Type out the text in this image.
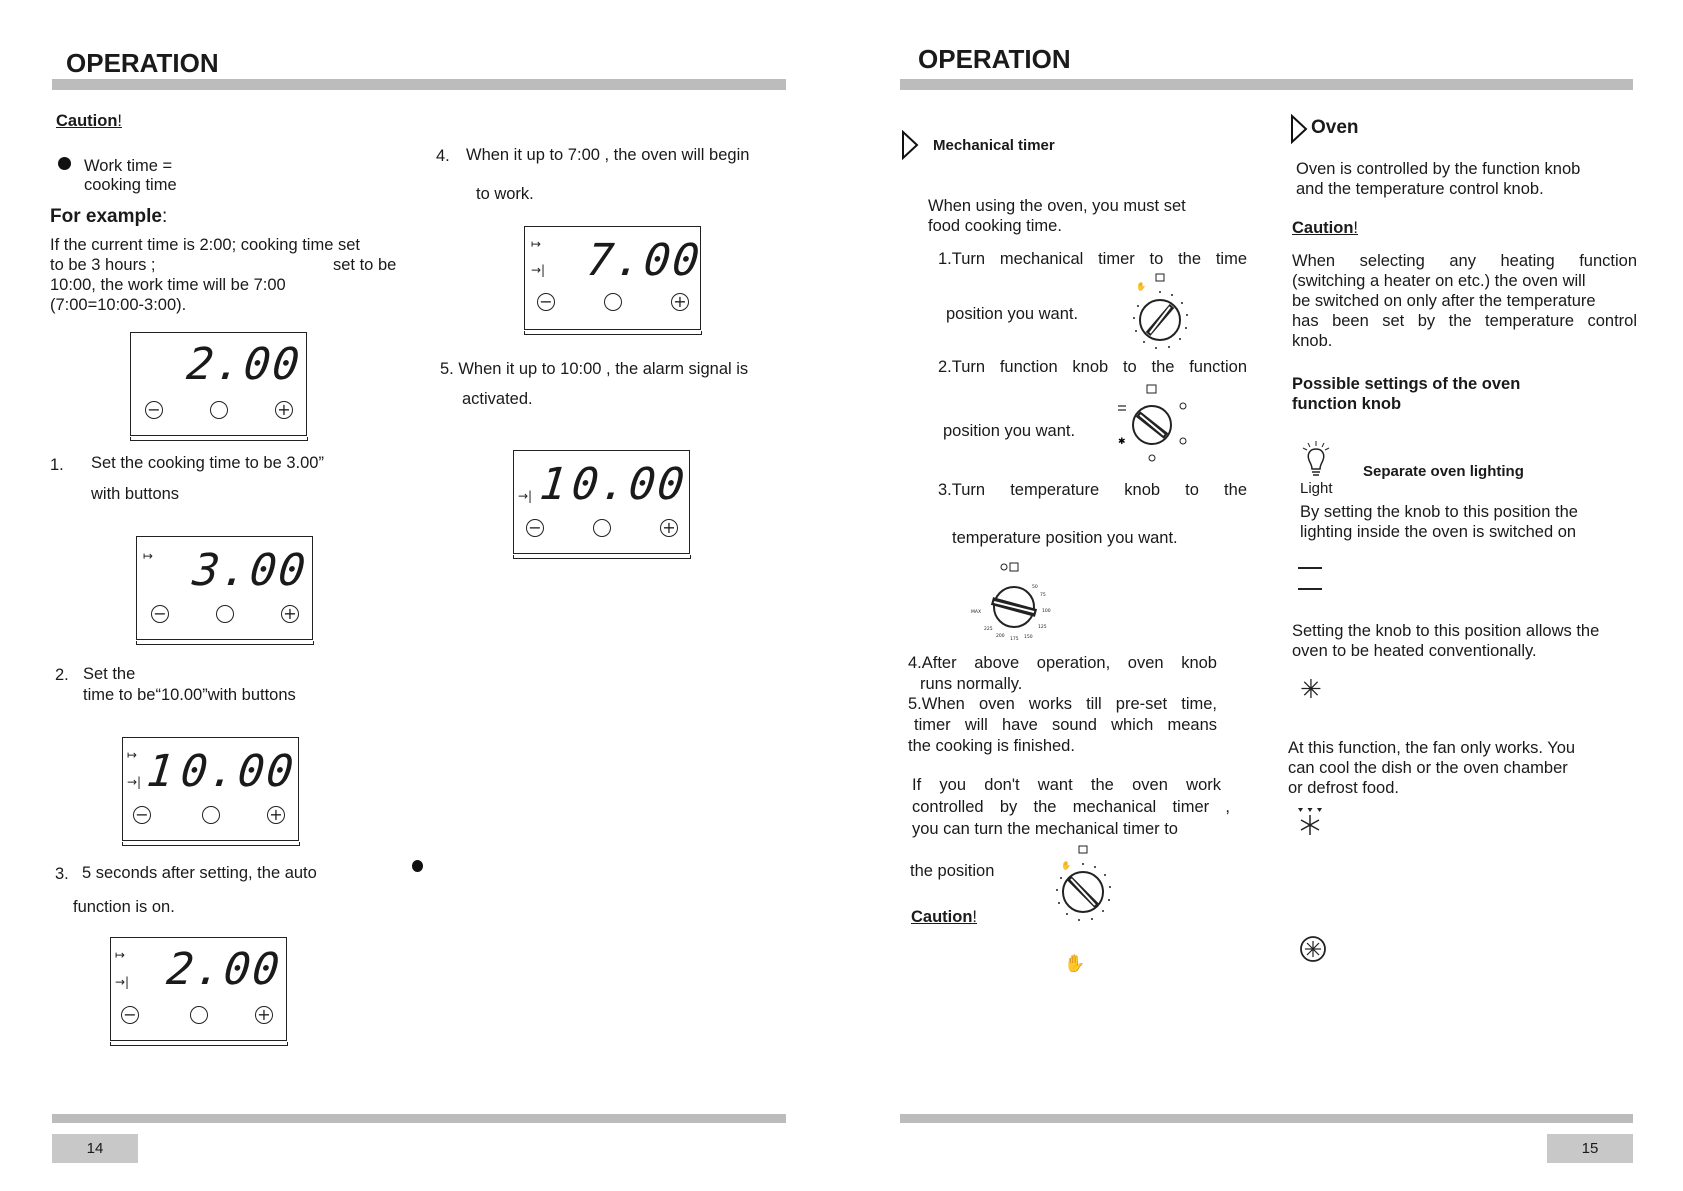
OPERATION
Caution!
Work time =
cooking time
For example:
If the current time is 2:00; cooking time set
to be 3 hours ;	set to be
10:00, the work time will be 7:00
(7:00=10:00-3:00).
2.00
−	+
1. Set the cooking time to be 3.00”
with buttons
↦ 3.00
−	+
2. Set the
time to be“10.00”with buttons
↦
→| 1 0.00
−	+
3. 5 seconds after setting, the auto
function is on.
↦
→| 2.00
−	+
4. When it up to 7:00 , the oven will begin
to work.
↦
→| 7.00
−	+
5. When it up to 10:00 , the alarm signal is
activated.
→| 1
0.00
−	+
14
OPERATION
Mechanical timer
When using the oven, you must set
food cooking time.
1.Turn mechanical timer to the time
position you want.
✋
2.Turn function knob to the function
position you want.
✱
3.Turn temperature knob to the
temperature position you want.
50
75
100
125
150
175
200
225
MAX
4.After above operation, oven knob
runs normally.
5.When oven works till pre-set time,
timer will have sound which means
the cooking is finished.
If you don't want the oven work
controlled by the mechanical timer ,
you can turn the mechanical timer to
the position	✋
Caution!
✋
Oven
Oven is controlled by the function knob
and the temperature control knob.
Caution!
When selecting any heating function
(switching a heater on etc.) the oven will
be switched on only after the temperature
has been set by the temperature control
knob.
Possible settings of the oven
function knob
Separate oven lighting
Light
By setting the knob to this position the
lighting inside the oven is switched on
Setting the knob to this position allows the
oven to be heated conventionally.
✳
At this function, the fan only works. You
can cool the dish or the oven chamber
or defrost food.
15
